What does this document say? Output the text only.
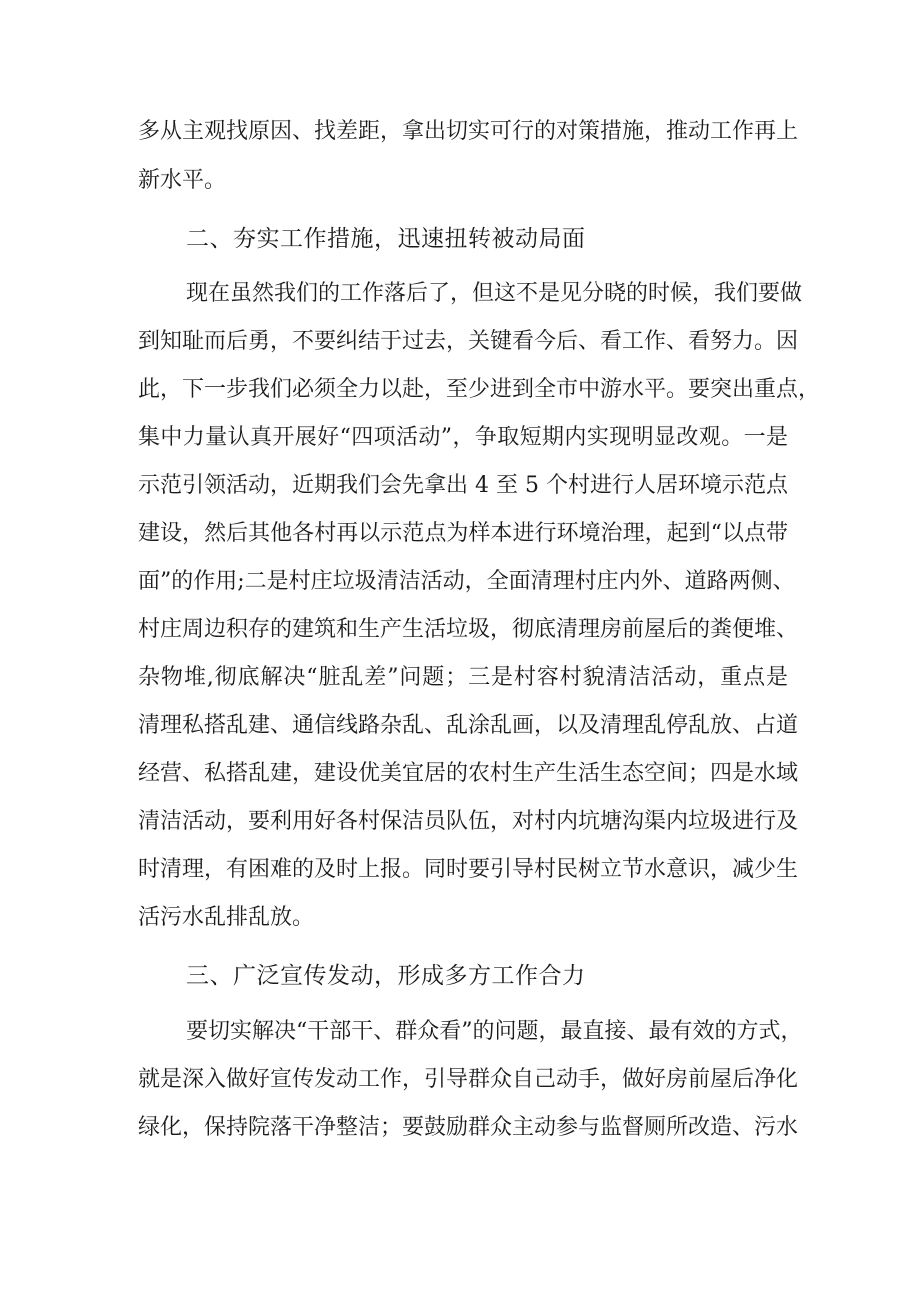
多从主观找原因、找差距，拿出切实可行的对策措施，推动工作再上
新水平。
二、夯实工作措施，迅速扭转被动局面
现在虽然我们的工作落后了，但这不是见分晓的时候，我们要做
到知耻而后勇，不要纠结于过去，关键看今后、看工作、看努力。因
此，下一步我们必须全力以赴，至少进到全市中游水平。要突出重点，
集中力量认真开展好“四项活动”，争取短期内实现明显改观。一是
示范引领活动，近期我们会先拿出 4 至 5 个村进行人居环境示范点
建设，然后其他各村再以示范点为样本进行环境治理，起到“以点带
面”的作用;二是村庄垃圾清洁活动，全面清理村庄内外、道路两侧、
村庄周边积存的建筑和生产生活垃圾，彻底清理房前屋后的粪便堆、
杂物堆,彻底解决“脏乱差”问题；三是村容村貌清洁活动，重点是
清理私搭乱建、通信线路杂乱、乱涂乱画，以及清理乱停乱放、占道
经营、私搭乱建，建设优美宜居的农村生产生活生态空间；四是水域
清洁活动，要利用好各村保洁员队伍，对村内坑塘沟渠内垃圾进行及
时清理，有困难的及时上报。同时要引导村民树立节水意识，减少生
活污水乱排乱放。
三、广泛宣传发动，形成多方工作合力
要切实解决“干部干、群众看”的问题，最直接、最有效的方式，
就是深入做好宣传发动工作，引导群众自己动手，做好房前屋后净化
绿化，保持院落干净整洁；要鼓励群众主动参与监督厕所改造、污水
